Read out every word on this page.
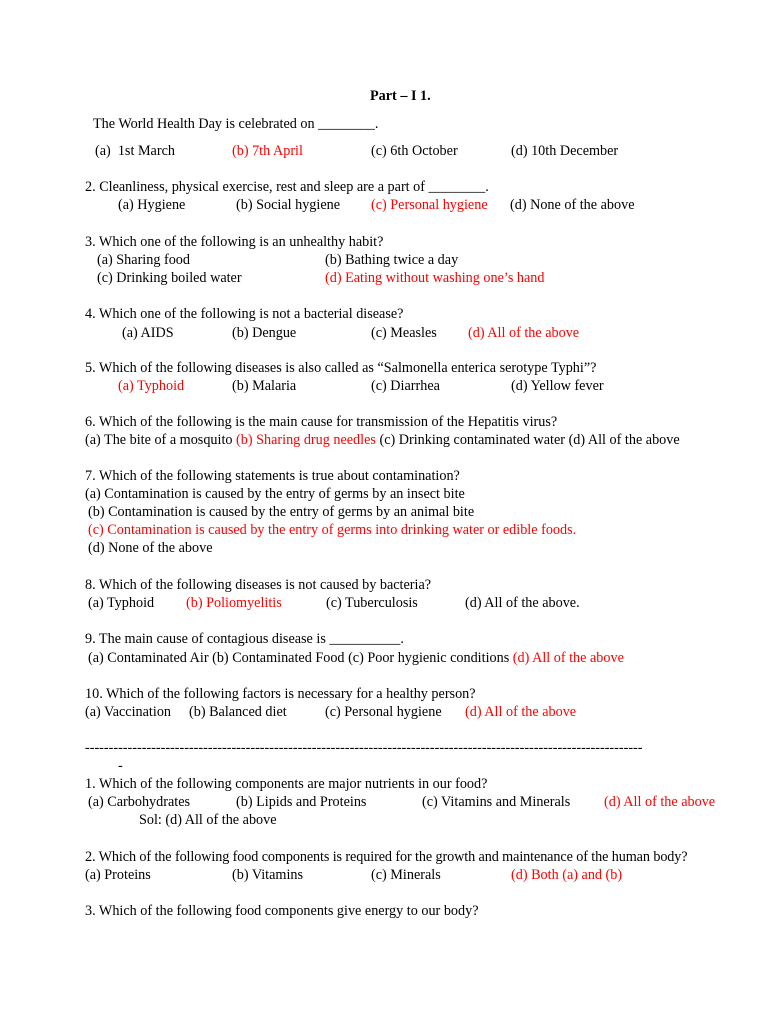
Part – I 1.
The World Health Day is celebrated on ________.
(a)  1st March	(b) 7th April	(c) 6th October	(d) 10th December
2. Cleanliness, physical exercise, rest and sleep are a part of ________.
(a) Hygiene	(b) Social hygiene (c) Personal hygiene (d) None of the above
3. Which one of the following is an unhealthy habit?
(a) Sharing food	(b) Bathing twice a day
(c) Drinking boiled water	(d) Eating without washing one’s hand
4. Which one of the following is not a bacterial disease?
(a) AIDS	(b) Dengue	(c) Measles (d) All of the above
5. Which of the following diseases is also called as “Salmonella enterica serotype Typhi”?
(a) Typhoid	(b) Malaria	(c) Diarrhea	(d) Yellow fever
6. Which of the following is the main cause for transmission of the Hepatitis virus?
(a) The bite of a mosquito (b) Sharing drug needles (c) Drinking contaminated water (d) All of the above
7. Which of the following statements is true about contamination?
(a) Contamination is caused by the entry of germs by an insect bite
(b) Contamination is caused by the entry of germs by an animal bite
(c) Contamination is caused by the entry of germs into drinking water or edible foods.
(d) None of the above
8. Which of the following diseases is not caused by bacteria?
(a) Typhoid (b) Poliomyelitis	(c) Tuberculosis	(d) All of the above.
9. The main cause of contagious disease is __________.
(a) Contaminated Air (b) Contaminated Food (c) Poor hygienic conditions (d) All of the above
10. Which of the following factors is necessary for a healthy person?
(a) Vaccination (b) Balanced diet	(c) Personal hygiene (d) All of the above
----------------------------------------------------------------------------------------------------------------------
-
1. Which of the following components are major nutrients in our food?
(a) Carbohydrates	(b) Lipids and Proteins	(c) Vitamins and Minerals (d) All of the above
Sol: (d) All of the above
2. Which of the following food components is required for the growth and maintenance of the human body?
(a) Proteins	(b) Vitamins	(c) Minerals	(d) Both (a) and (b)
3. Which of the following food components give energy to our body?
